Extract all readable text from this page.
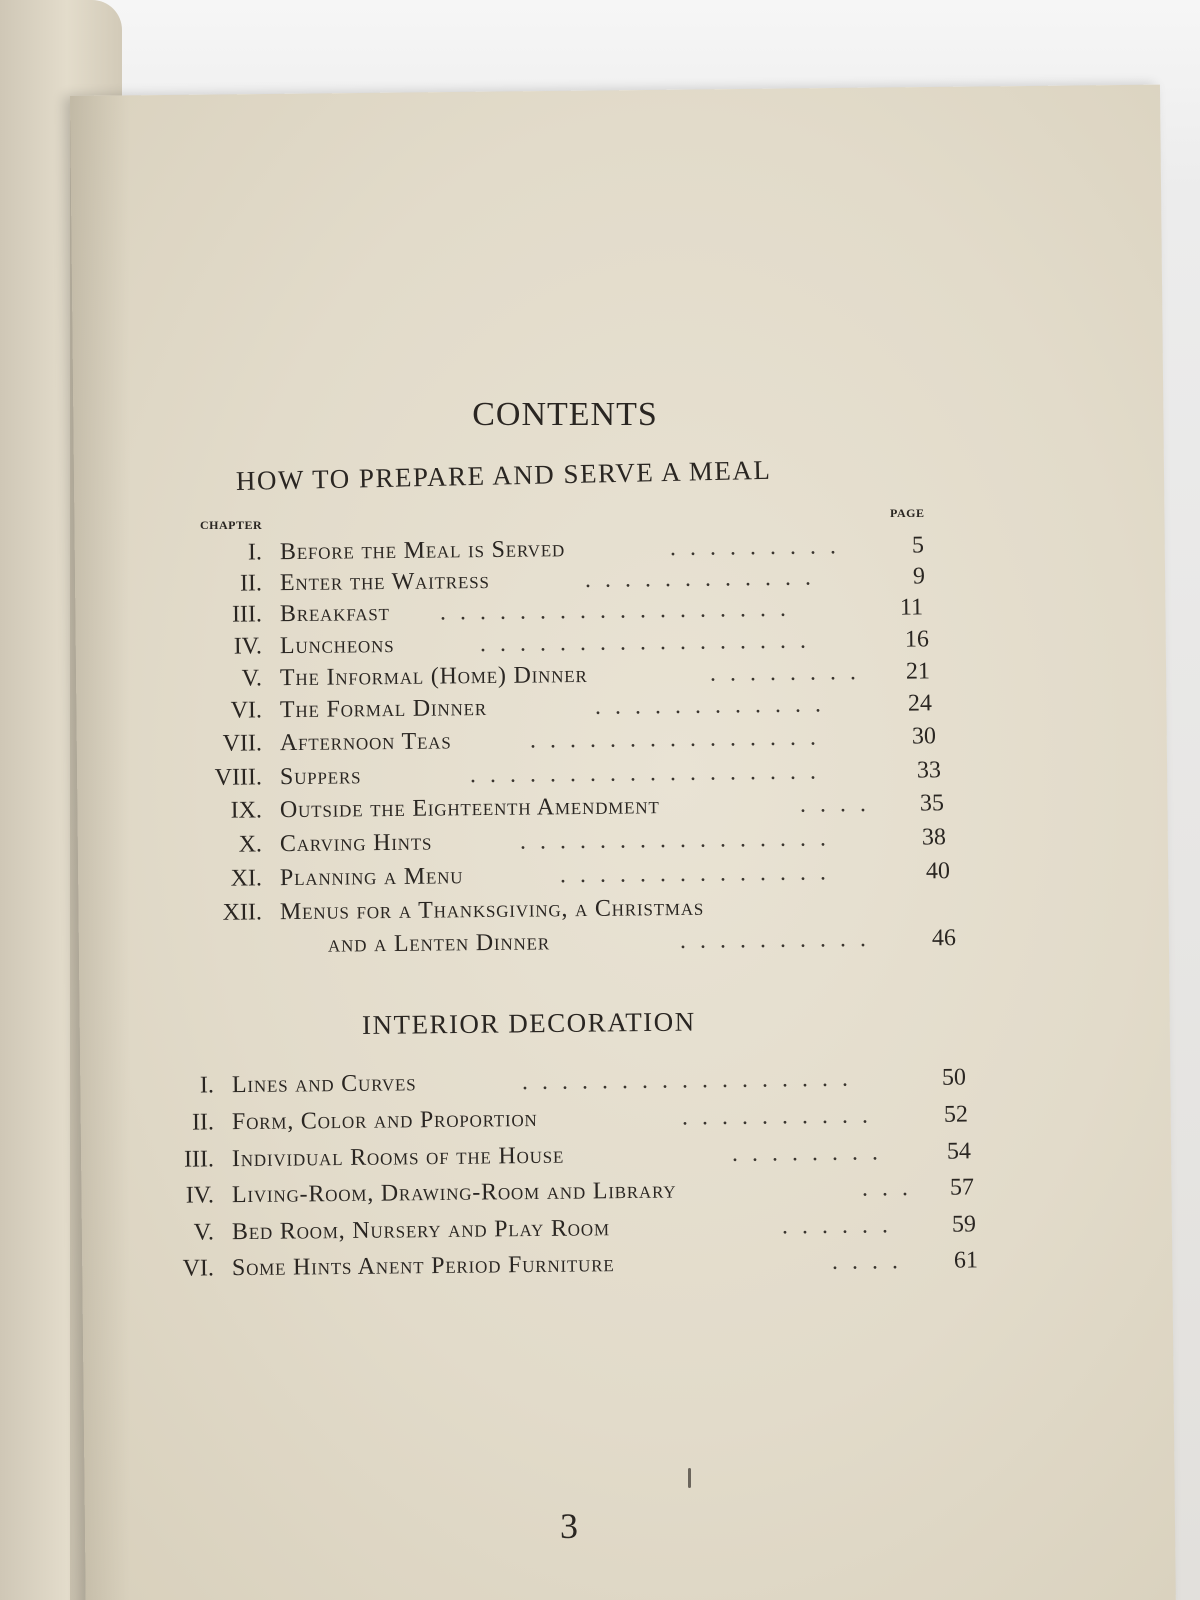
CONTENTS
HOW TO PREPARE AND SERVE A MEAL
CHAPTER
PAGE
I. Before the Meal is Served	.........	5
II. Enter the Waitress	............	9
III. Breakfast ..................	11
IV. Luncheons	.................	16
V. The Informal (Home) Dinner	........ 21
VI. The Formal Dinner	............	24
VII. Afternoon Teas	...............	30
VIII. Suppers	..................	33
IX. Outside the Eighteenth Amendment	.... 35
X. Carving Hints	................	38
XI. Planning a Menu	..............	40
XII. Menus for a Thanksgiving, a Christmas
and a Lenten Dinner	.......... 46
INTERIOR DECORATION
I. Lines and Curves	.................	50
II. Form, Color and Proportion	..........	52
III. Individual Rooms of the House	........ 54
IV. Living-Room, Drawing-Room and Library	... 57
V. Bed Room, Nursery and Play Room	...... 59
VI. Some Hints Anent Period Furniture	.... 61
3
